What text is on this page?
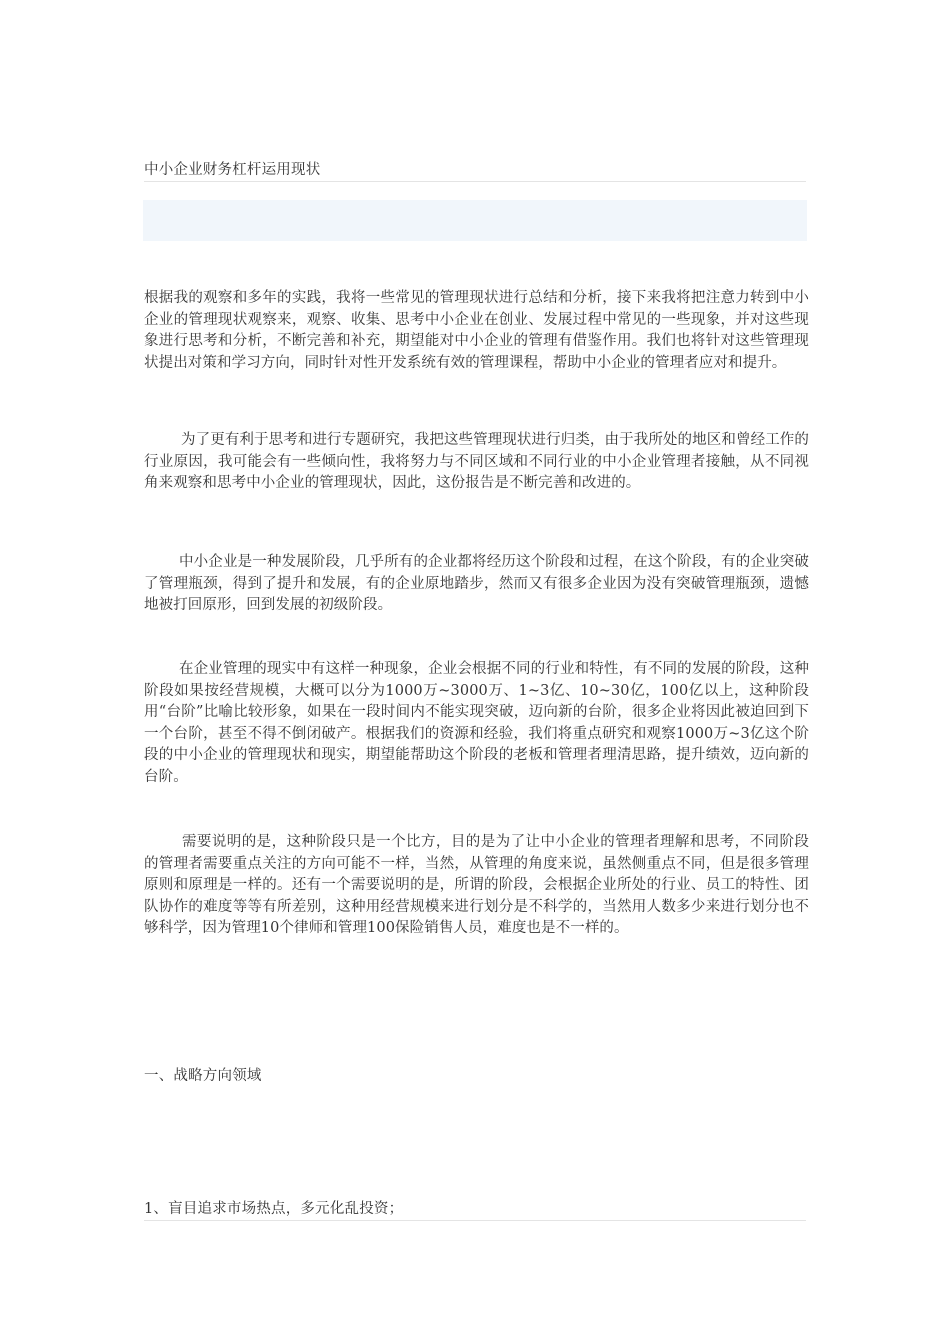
中小企业财务杠杆运用现状

根据我的观察和多年的实践，我将一些常见的管理现状进行总结和分析，接下来我将把注意力转到中小企业的管理现状观察来，观察、收集、思考中小企业在创业、发展过程中常见的一些现象，并对这些现象进行思考和分析，不断完善和补充，期望能对中小企业的管理有借鉴作用。我们也将针对这些管理现状提出对策和学习方向，同时针对性开发系统有效的管理课程，帮助中小企业的管理者应对和提升。

为了更有利于思考和进行专题研究，我把这些管理现状进行归类，由于我所处的地区和曾经工作的行业原因，我可能会有一些倾向性，我将努力与不同区域和不同行业的中小企业管理者接触，从不同视角来观察和思考中小企业的管理现状，因此，这份报告是不断完善和改进的。

中小企业是一种发展阶段，几乎所有的企业都将经历这个阶段和过程，在这个阶段，有的企业突破了管理瓶颈，得到了提升和发展，有的企业原地踏步，然而又有很多企业因为没有突破管理瓶颈，遗憾地被打回原形，回到发展的初级阶段。

在企业管理的现实中有这样一种现象，企业会根据不同的行业和特性，有不同的发展的阶段，这种阶段如果按经营规模，大概可以分为1000万~3000万、1~3亿、10~30亿，100亿以上，这种阶段用“台阶”比喻比较形象，如果在一段时间内不能实现突破，迈向新的台阶，很多企业将因此被迫回到下一个台阶，甚至不得不倒闭破产。根据我们的资源和经验，我们将重点研究和观察1000万~3亿这个阶段的中小企业的管理现状和现实，期望能帮助这个阶段的老板和管理者理清思路，提升绩效，迈向新的台阶。

需要说明的是，这种阶段只是一个比方，目的是为了让中小企业的管理者理解和思考，不同阶段的管理者需要重点关注的方向可能不一样，当然，从管理的角度来说，虽然侧重点不同，但是很多管理原则和原理是一样的。还有一个需要说明的是，所谓的阶段，会根据企业所处的行业、员工的特性、团队协作的难度等等有所差别，这种用经营规模来进行划分是不科学的，当然用人数多少来进行划分也不够科学，因为管理10个律师和管理100保险销售人员，难度也是不一样的。

一、战略方向领域
1、盲目追求市场热点，多元化乱投资；
